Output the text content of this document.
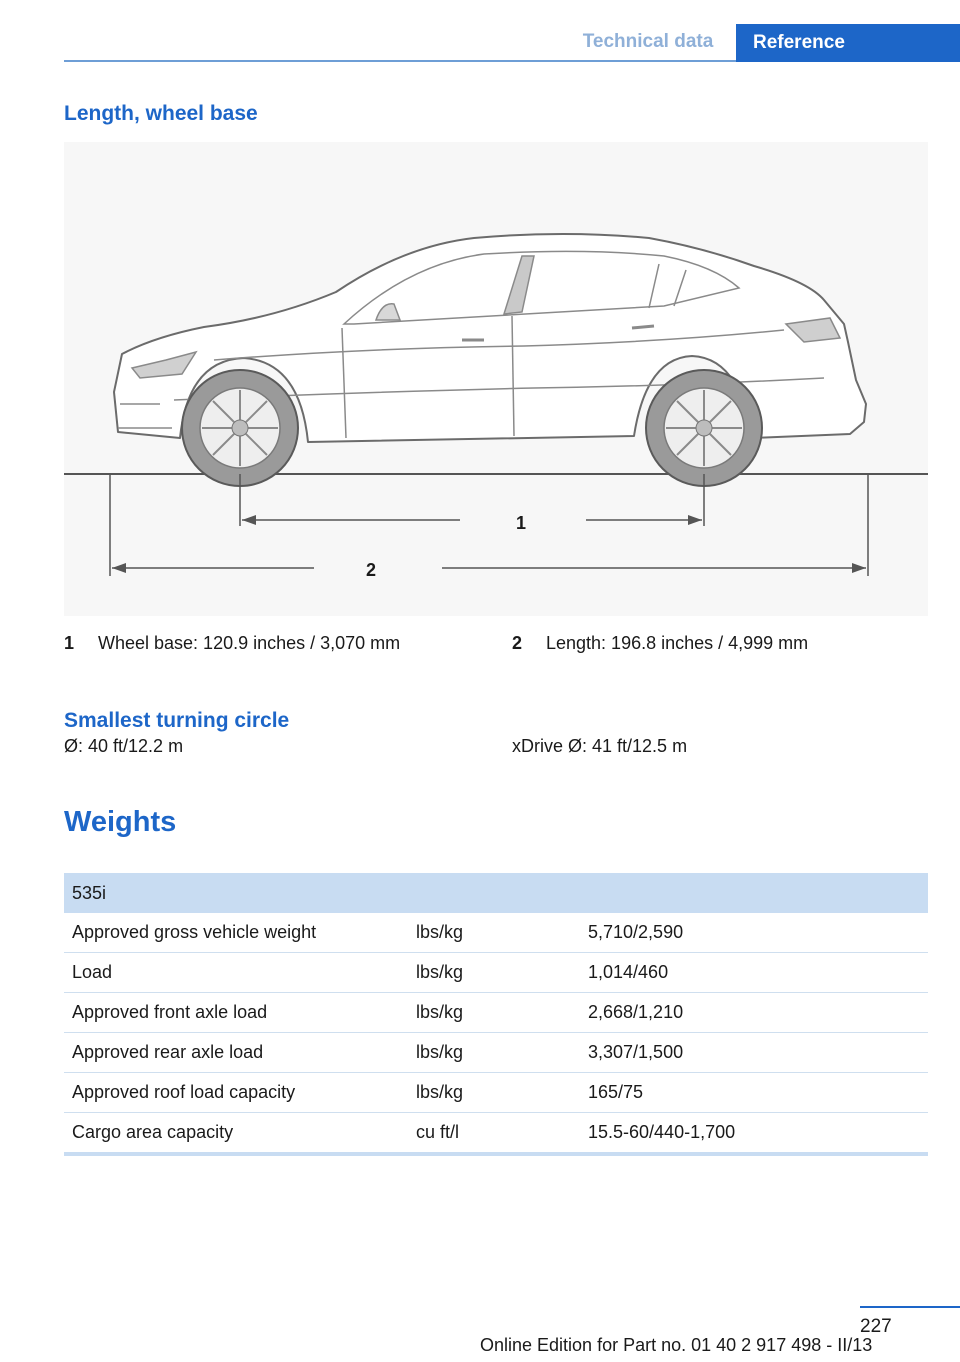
Technical data	Reference
Length, wheel base
1
2
1 Wheel base: 120.9 inches / 3,070 mm	2 Length: 196.8 inches / 4,999 mm
Smallest turning circle
Ø: 40 ft/12.2 m	xDrive Ø: 41 ft/12.5 m
Weights
535i		
Approved gross vehicle weight	lbs/kg	5,710/2,590
Load	lbs/kg	1,014/460
Approved front axle load	lbs/kg	2,668/1,210
Approved rear axle load	lbs/kg	3,307/1,500
Approved roof load capacity	lbs/kg	165/75
Cargo area capacity	cu ft/l	15.5-60/440-1,700
227
Online Edition for Part no. 01 40 2 917 498 - II/13
